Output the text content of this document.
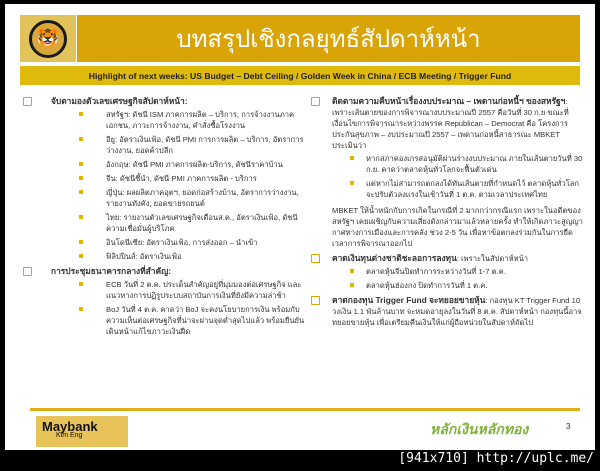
🐯	บทสรุปเชิงกลยุทธ์สัปดาห์หน้า
Highlight of next weeks: US Budget – Debt Ceiling / Golden Week in China / ECB Meeting / Trigger Fund
จับตามองตัวเลขเศรษฐกิจสัปดาห์หน้า:
สหรัฐฯ: ดัชนี ISM ภาคการผลิต – บริการ, การจ้างงานภาคเอกชน, ภาวะการจ้างงาน, คำสั่งซื้อโรงงาน
อียู: อัตราเงินเฟ้อ, ดัชนี PMI การการผลิต – บริการ, อัตราการว่างงาน, ยอดค้าปลีก
อังกฤษ: ดัชนี PMI ภาคการผลิต-บริการ, ดัชนีราคาบ้าน
จีน: ดัชนีชี้นำ, ดัชนี PMI ภาคการผลิต - บริการ
ญี่ปุ่น: ผลผลิตภาคอุตฯ, ยอดก่อสร้างบ้าน, อัตราการว่างงาน, รายงานทังคัง, ยอดขายรถยนต์
ไทย: รายงานตัวเลขเศรษฐกิจเดือนส.ค., อัตราเงินเฟ้อ, ดัชนีความเชื่อมั่นผู้บริโภค
อินโดนีเซีย: อัตราเงินเฟ้อ, การส่งออก – นำเข้า
ฟิลิปปินส์: อัตราเงินเฟ้อ
การประชุมธนาคารกลางที่สำคัญ:
ECB วันที่ 2 ต.ค. ประเด็นสำคัญอยู่ที่มุมมองต่อเศรษฐกิจ และแนวทางการปฏิรูประบบสถาบันการเงินที่ยังมีความล่าช้า
BoJ วันที่ 4 ต.ค. คาดว่า BoJ จะคงนโยบายการเงิน พร้อมกับความเห็นต่อเศรษฐกิจที่น่าจะผ่านจุดต่ำสุดไปแล้ว พร้อมยืนยันเดินหน้าแก้ไขภาวะเงินฝืด
ติดตามความคืบหน้าเรื่องงบประมาณ – เพดานก่อหนี้ฯ ของสหรัฐฯ: เพราะเส้นตายของการพิจารณางบประมาณปี 2557 คือวันที่ 30 ก.ย ขณะที่เงื่อนไขการพิจารณาระหว่างพรรค Republican – Democrat คือ โครงการประกันสุขภาพ – งบประมาณปี 2557 – เพดานก่อหนี้สาธารณะ MBKET ประเมินว่า
หากสภาคองเกรสอนุมัติผ่านร่างงบประมาณ ภายในเส้นตายวันที่ 30 ก.ย. คาดว่าตลาดหุ้นทั่วโลกจะฟื้นตัวเด่น
แต่หากไม่สามารถตกลงได้ทันเส้นตายที่กำหนดไว้ ตลาดหุ้นทั่วโลกจะปรับตัวลงแรงในเช้าวันที่ 1 ต.ค. ตามเวลาประเทศไทย
MBKET ให้น้ำหนักกับการเกิดในกรณีที่ 2 มากกว่ากรณีแรก เพราะในอดีตของสหรัฐฯ เคยเผชิญกับความเสี่ยงดังกล่าวมาแล้วหลายครั้ง ทำให้เกิดภาวะสูญญากาศทางการเมืองและการคลัง ช่วง 2-5 วัน เพื่อหาข้อตกลงร่วมกันในการยืดเวลาการพิจารณาออกไป
คาดเงินทุนต่างชาติชะลอการลงทุน: เพราะในสัปดาห์หน้า
ตลาดหุ้นจีนปิดทำการระหว่างวันที่ 1-7 ต.ค.
ตลาดหุ้นฮ่องกง ปิดทำการวันที่ 1 ต.ค.
คาดกองทุน Trigger Fund จะทยอยขายหุ้น: กองทุน KT Trigger Fund 10 วงเงิน 1.1 พันล้านบาท จะหมดอายุลงในวันที่ 8 ต.ค. สัปดาห์หน้า กองทุนนี้อาจทยอยขายหุ้น เพื่อเตรียมคืนเงินให้แก่ผู้ถือหน่วยในสัปดาห์ถัดไป
Maybank
Kim Eng	หลักเงินหลักทอง	3
[941x710] http://uplc.me/
